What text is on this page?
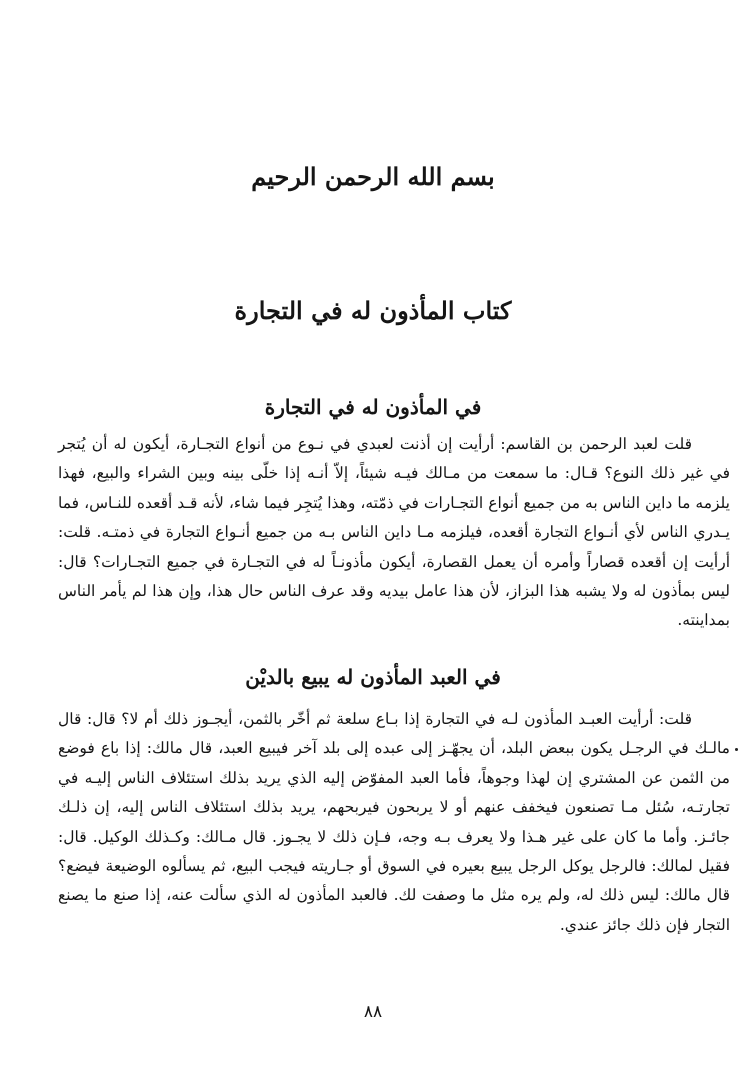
بسم الله الرحمن الرحيم
كتاب المأذون له في التجارة
في المأذون له في التجارة

قلت لعبد الرحمن بن القاسم: أرأيت إن أذنت لعبدي في نـوع من أنواع التجـارة، أيكون له أن يُتجر في غير ذلك النوع؟ قـال: ما سمعت من مـالك فيـه شيئاً، إلاّ أنـه إذا خلّى بينه وبين الشراء والبيع، فهذا يلزمه ما داين الناس به من جميع أنواع التجـارات في ذمّته، وهذا يُتجِر فيما شاء، لأنه قـد أقعده للنـاس، فما يـدري الناس لأي أنـواع التجارة أقعده، فيلزمه مـا داين الناس بـه من جميع أنـواع التجارة في ذمتـه. قلت: أرأيت إن أقعده قصاراً وأمره أن يعمل القصارة، أيكون مأذونـاً له في التجـارة في جميع التجـارات؟ قال: ليس بمأذون له ولا يشبه هذا البزاز، لأن هذا عامل بيديه وقد عرف الناس حال هذا، وإن هذا لم يأمر الناس بمداينته.

في العبد المأذون له يبيع بالديْن

قلت: أرأيت العبـد المأذون لـه في التجارة إذا بـاع سلعة ثم أخّر بالثمن، أيجـوز ذلك أم لا؟ قال: قال مالـك في الرجـل يكون ببعض البلد، أن يجهّـز إلى عبده إلى بلد آخر فيبيع العبد، قال مالك: إذا باع فوضع من الثمن عن المشتري إن لهذا وجوهاً، فأما العبد المفوّض إليه الذي يريد بذلك استئلاف الناس إليـه في تجارتـه، سُئل مـا تصنعون فيخفف عنهم أو لا يربحون فيربحهم، يريد بذلك استئلاف الناس إليه، إن ذلـك جائـز. وأما ما كان على غير هـذا ولا يعرف بـه وجه، فـإن ذلك لا يجـوز. قال مـالك: وكـذلك الوكيل. قال: فقيل لمالك: فالرجل يوكل الرجل يبيع بعيره في السوق أو جـاريته فيجب البيع، ثم يسألوه الوضيعة فيضع؟ قال مالك: ليس ذلك له، ولم يره مثل ما وصفت لك. فالعبد المأذون له الذي سألت عنه، إذا صنع ما يصنع التجار فإن ذلك جائز عندي.

٨٨
